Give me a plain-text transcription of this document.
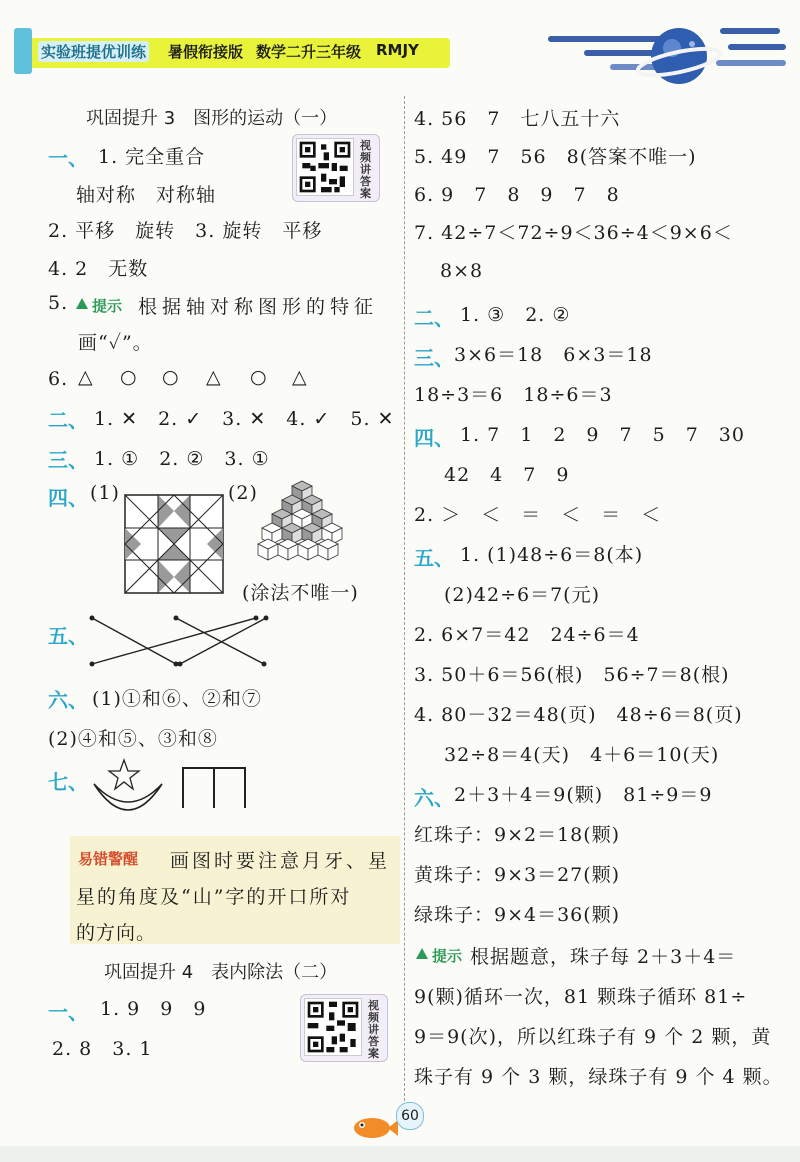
实验班提优训练 暑假衔接版 数学二升三年级 RMJY
巩固提升 3　图形的运动（一）
一、 1. 完全重合
轴对称　对称轴
2. 平移　旋转　3. 旋转　平移
4. 2　无数
5. 提示 根据轴对称图形的特征
画“✓”。
6. △ ○ ○ △ ○ △
二、 1. ✕　2. ✓　3. ✕　4. ✓　5. ✕
三、 1. ①　2. ②　3. ①
四、 (1)	(2)
(涂法不唯一)
五、
六、 (1)①和⑥、②和⑦
(2)④和⑤、③和⑧
七、
易错警醒 画图时要注意月牙、星
星的角度及“山”字的开口所对
的方向。
巩固提升 4　表内除法（二）
一、 1. 9　9　9
2. 8　3. 1
视频讲答案
视频讲答案
4. 56　7　七八五十六
5. 49　7　56　8(答案不唯一)
6. 9　7　8　9　7　8
7. 42÷7＜72÷9＜36÷4＜9×6＜
8×8
二、 1. ③　2. ②
三、 3×6＝18　6×3＝18
18÷3＝6　18÷6＝3
四、 1. 7　1　2　9　7　5　7　30
42　4　7　9
2. ＞　＜　＝　＜　＝　＜
五、 1. (1)48÷6＝8(本)
(2)42÷6＝7(元)
2. 6×7＝42　24÷6＝4
3. 50＋6＝56(根)　56÷7＝8(根)
4. 80－32＝48(页)　48÷6＝8(页)
32÷8＝4(天)　4＋6＝10(天)
六、 2＋3＋4＝9(颗)　81÷9＝9
红珠子：9×2＝18(颗)
黄珠子：9×3＝27(颗)
绿珠子：9×4＝36(颗)
提示 根据题意，珠子每 2＋3＋4＝
9(颗)循环一次，81 颗珠子循环 81÷
9＝9(次)，所以红珠子有 9 个 2 颗，黄
珠子有 9 个 3 颗，绿珠子有 9 个 4 颗。
60
